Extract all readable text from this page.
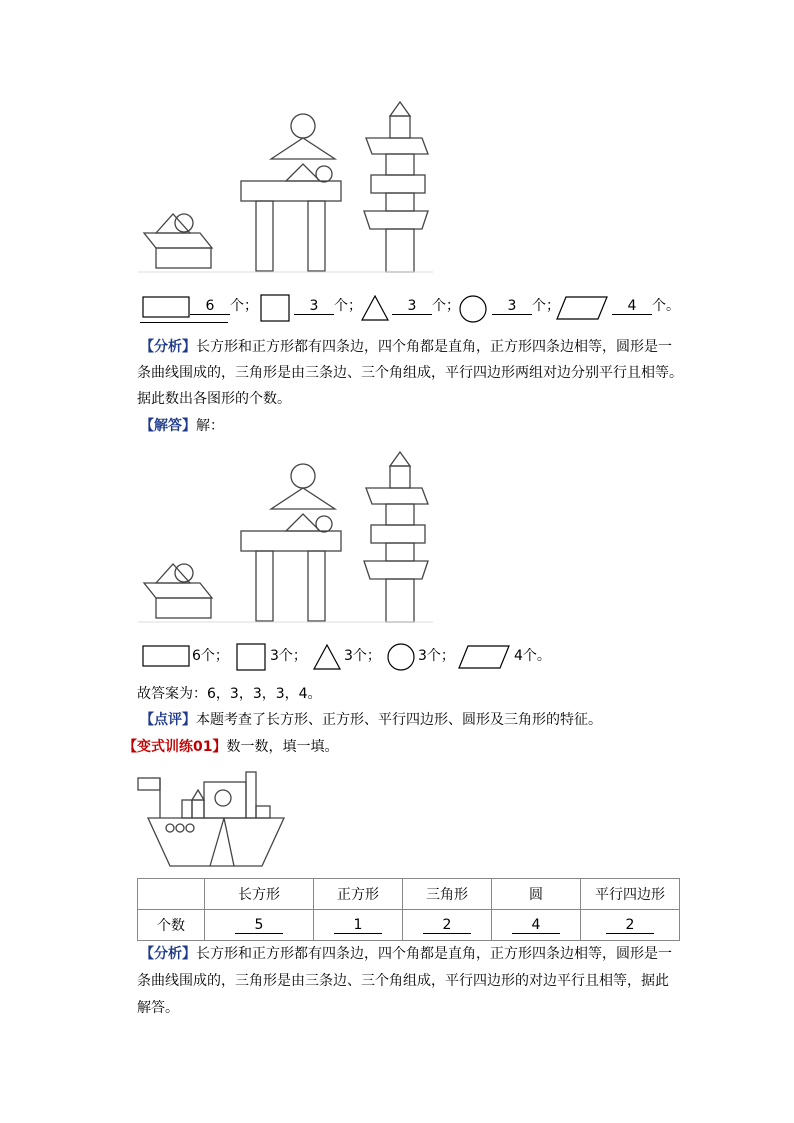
6	个；	3	个；	3	个；	3	个；	4	个。
【分析】长方形和正方形都有四条边，四个角都是直角，正方形四条边相等，圆形是一
条曲线围成的，三角形是由三条边、三个角组成，平行四边形两组对边分别平行且相等。
据此数出各图形的个数。
【解答】解：
6个；	3个；	3个；	3个；	4个。
故答案为：6，3，3，3，4。
【点评】本题考查了长方形、正方形、平行四边形、圆形及三角形的特征。
【变式训练01】数一数，填一填。
	长方形	正方形	三角形	圆	平行四边形
个数	5	1	2	4	2
【分析】长方形和正方形都有四条边，四个角都是直角，正方形四条边相等，圆形是一
条曲线围成的，三角形是由三条边、三个角组成，平行四边形的对边平行且相等，据此
解答。
